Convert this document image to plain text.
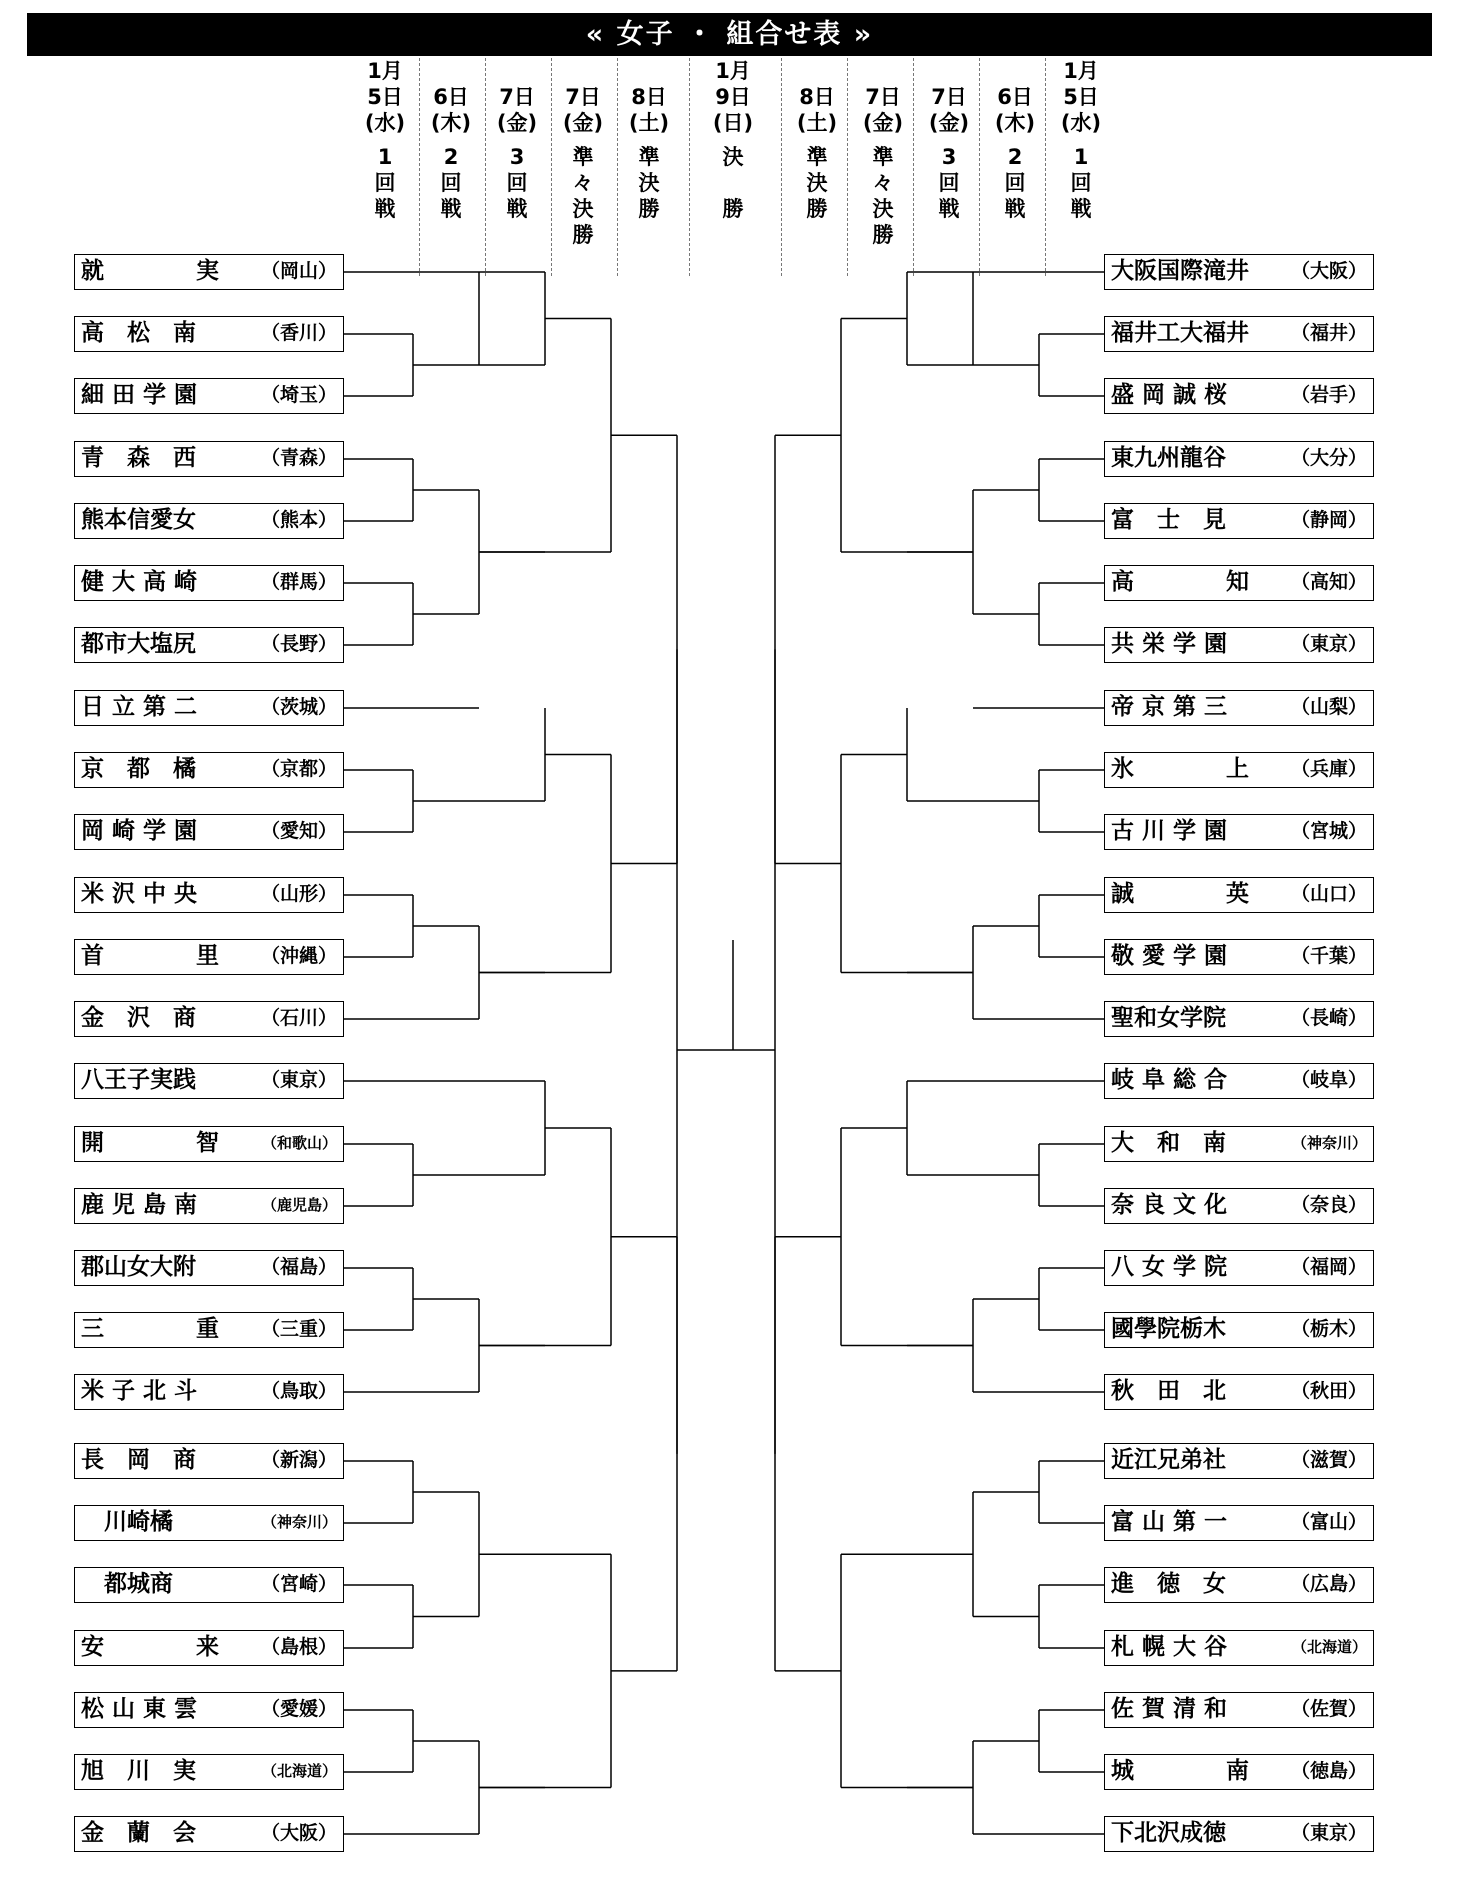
« 女子 ・ 組合せ表 »
1月
5日
(水)
1
回
戦
6日
(木)
2
回
戦
7日
(金)
3
回
戦
7日
(金)
準
々
決
勝
8日
(土)
準
決
勝
1月
9日
(日)
決

勝
8日
(土)
準
決
勝
7日
(金)
準
々
決
勝
7日
(金)
3
回
戦
6日
(木)
2
回
戦
1月
5日
(水)
1
回
戦
就　　　　実 （岡山）
高　松　南	（香川）
細 田 学 園	（埼玉）
青　森　西	（青森）
熊本信愛女	（熊本）
健 大 高 崎	（群馬）
都市大塩尻	（長野）
日 立 第 二	（茨城）
京　都　橘	（京都）
岡 崎 学 園	（愛知）
米 沢 中 央	（山形）
首　　　　里 （沖縄）
金　沢　商	（石川）
八王子実践	（東京）
開　　　　智	（和歌山）
鹿 児 島 南	（鹿児島）
郡山女大附	（福島）
三　　　　重 （三重）
米 子 北 斗	（鳥取）
長　岡　商	（新潟）
　川崎橘	（神奈川）
　都城商	（宮崎）
安　　　　来 （島根）
松 山 東 雲	（愛媛）
旭　川　実	（北海道）
金　蘭　会	（大阪）
大阪国際滝井 （大阪）
福井工大福井 （福井）
盛 岡 誠 桜	（岩手）
東九州龍谷	（大分）
富　士　見	（静岡）
高　　　　知 （高知）
共 栄 学 園	（東京）
帝 京 第 三	（山梨）
氷　　　　上 （兵庫）
古 川 学 園	（宮城）
誠　　　　英 （山口）
敬 愛 学 園	（千葉）
聖和女学院	（長崎）
岐 阜 総 合	（岐阜）
大　和　南	（神奈川）
奈 良 文 化	（奈良）
八 女 学 院	（福岡）
國學院栃木	（栃木）
秋　田　北	（秋田）
近江兄弟社	（滋賀）
富 山 第 一	（富山）
進　徳　女	（広島）
札 幌 大 谷	（北海道）
佐 賀 清 和	（佐賀）
城　　　　南 （徳島）
下北沢成徳	（東京）
